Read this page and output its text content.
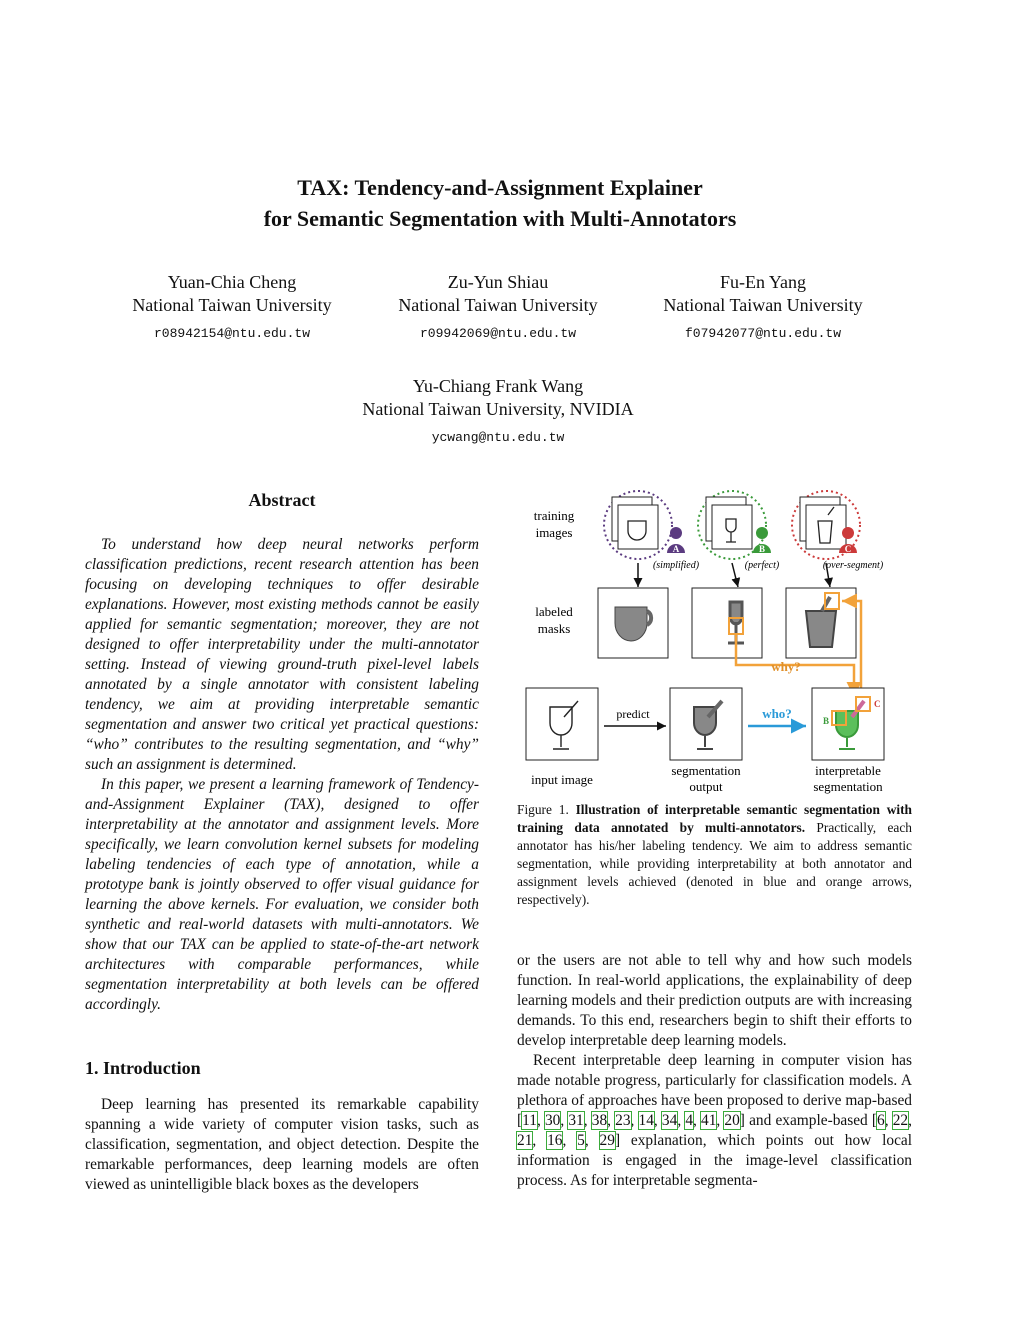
TAX: Tendency-and-Assignment Explainer
for Semantic Segmentation with Multi-Annotators
Yuan-Chia Cheng
National Taiwan University
r08942154@ntu.edu.tw
Zu-Yun Shiau
National Taiwan University
r09942069@ntu.edu.tw
Fu-En Yang
National Taiwan University
f07942077@ntu.edu.tw
Yu-Chiang Frank Wang
National Taiwan University, NVIDIA
ycwang@ntu.edu.tw
Abstract

To understand how deep neural networks perform classification predictions, recent research attention has been focusing on developing techniques to offer desirable explanations. However, most existing methods cannot be easily applied for semantic segmentation; moreover, they are not designed to offer interpretability under the multi-annotator setting. Instead of viewing ground-truth pixel-level labels annotated by a single annotator with consistent labeling tendency, we aim at providing interpretable semantic segmentation and answer two critical yet practical questions: “who” contributes to the resulting segmentation, and “why” such an assignment is determined.

In this paper, we present a learning framework of Tendency-and-Assignment Explainer (TAX), designed to offer interpretability at the annotator and assignment levels. More specifically, we learn convolution kernel subsets for modeling labeling tendencies of each type of annotation, while a prototype bank is jointly observed to offer visual guidance for learning the above kernels. For evaluation, we consider both synthetic and real-world datasets with multi-annotators. We show that our TAX can be applied to state-of-the-art network architectures with comparable performances, while segmentation interpretability at both levels can be offered accordingly.

1. Introduction

Deep learning has presented its remarkable capability spanning a wide variety of computer vision tasks, such as classification, segmentation, and object detection. Despite the remarkable performances, deep learning models are often viewed as unintelligible black boxes as the developers

training
images
labeled
masks
A	B	C
(simplified)	(perfect)	(over-segment)
why?
input image
predict
segmentation
output
who?	B
C
interpretable
segmentation
Figure 1. Illustration of interpretable semantic segmentation with training data annotated by multi-annotators. Practically, each annotator has his/her labeling tendency. We aim to address semantic segmentation, while providing interpretability at both annotator and assignment levels achieved (denoted in blue and orange arrows, respectively).

or the users are not able to tell why and how such models function. In real-world applications, the explainability of deep learning models and their prediction outputs are with increasing demands. To this end, researchers begin to shift their efforts to develop interpretable deep learning models.

Recent interpretable deep learning in computer vision has made notable progress, particularly for classification models. A plethora of approaches have been proposed to derive map-based [11, 30, 31, 38, 23, 14, 34, 4, 41, 20] and example-based [6, 22, 21, 16, 5, 29] explanation, which points out how local information is engaged in the image-level classification process. As for interpretable segmenta-
